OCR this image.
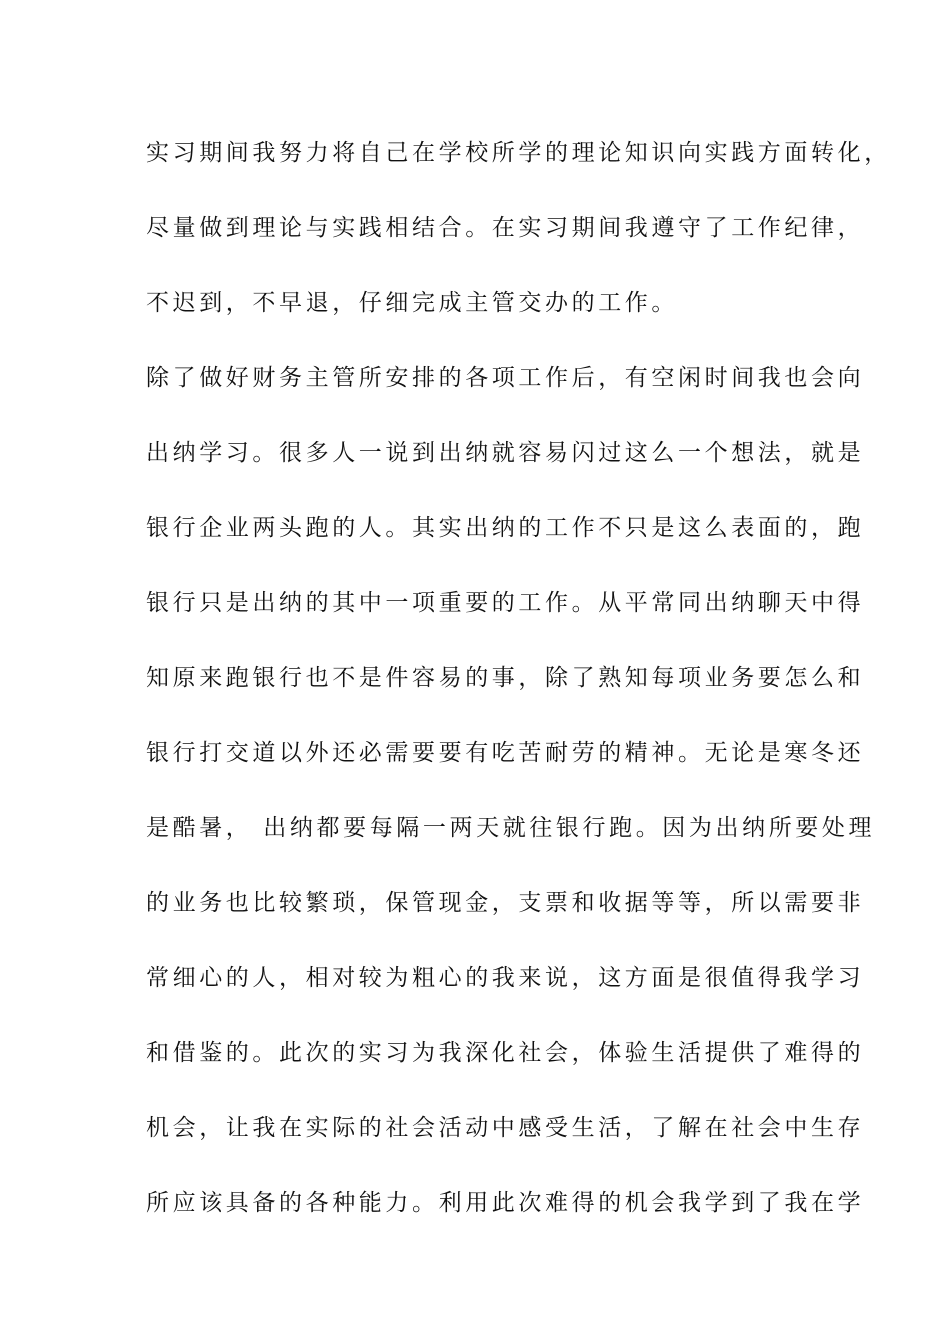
实习期间我努力将自己在学校所学的理论知识向实践方面转化，
尽量做到理论与实践相结合。在实习期间我遵守了工作纪律，
不迟到，不早退，仔细完成主管交办的工作。
除了做好财务主管所安排的各项工作后，有空闲时间我也会向
出纳学习。很多人一说到出纳就容易闪过这么一个想法，就是
银行企业两头跑的人。其实出纳的工作不只是这么表面的，跑
银行只是出纳的其中一项重要的工作。从平常同出纳聊天中得
知原来跑银行也不是件容易的事，除了熟知每项业务要怎么和
银行打交道以外还必需要要有吃苦耐劳的精神。无论是寒冬还
是酷暑， 出纳都要每隔一两天就往银行跑。因为出纳所要处理
的业务也比较繁琐，保管现金，支票和收据等等，所以需要非
常细心的人，相对较为粗心的我来说，这方面是很值得我学习
和借鉴的。此次的实习为我深化社会，体验生活提供了难得的
机会，让我在实际的社会活动中感受生活，了解在社会中生存
所应该具备的各种能力。利用此次难得的机会我学到了我在学
